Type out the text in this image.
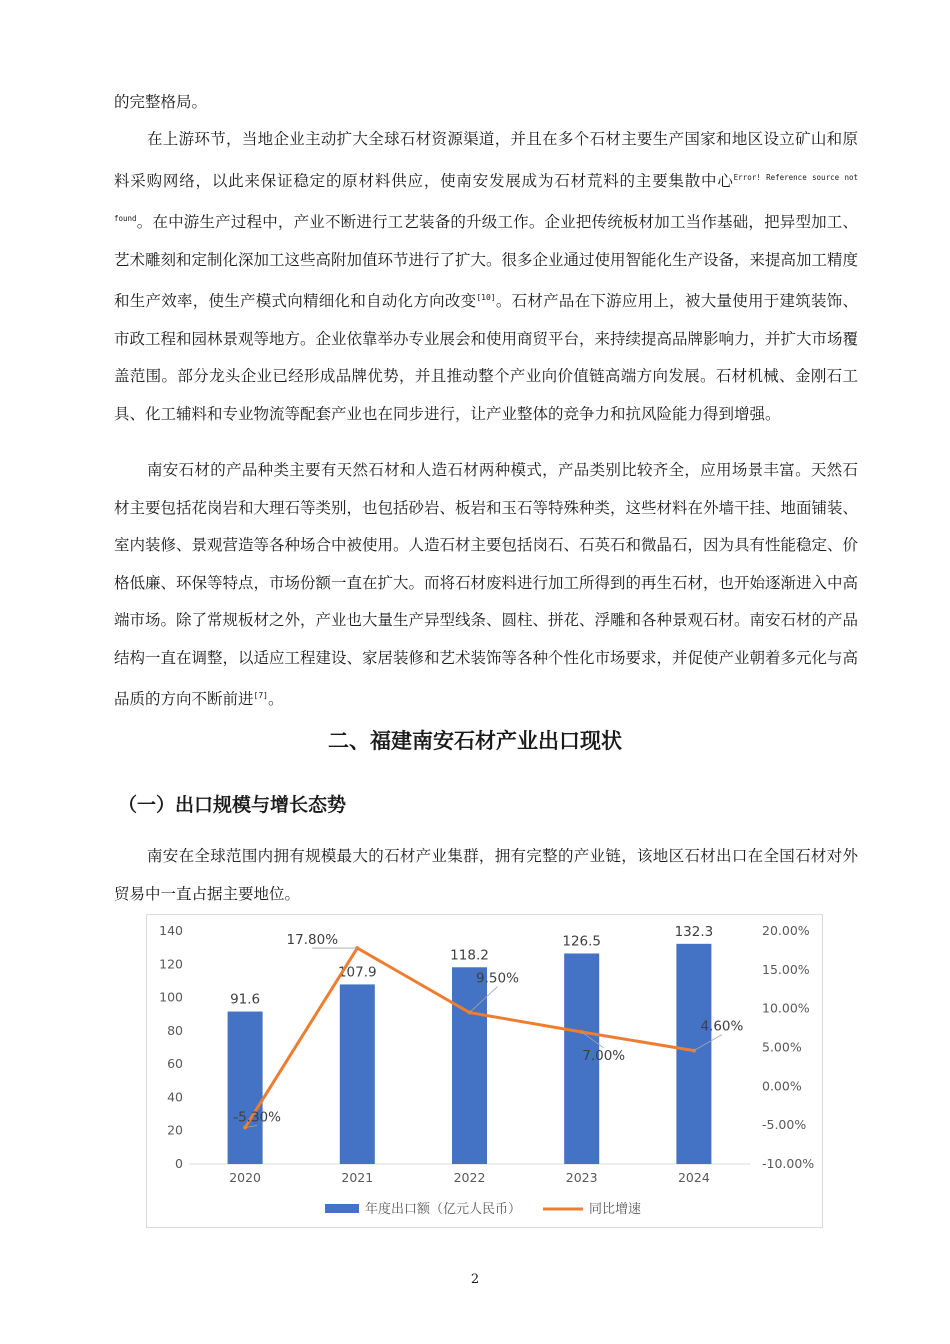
的完整格局。

在上游环节，当地企业主动扩大全球石材资源渠道，并且在多个石材主要生产国家和地区设立矿山和原料采购网络，以此来保证稳定的原材料供应，使南安发展成为石材荒料的主要集散中心$^{Error! Reference source not found}$。在中游生产过程中，产业不断进行工艺装备的升级工作。企业把传统板材加工当作基础，把异型加工、艺术雕刻和定制化深加工这些高附加值环节进行了扩大。很多企业通过使用智能化生产设备，来提高加工精度和生产效率，使生产模式向精细化和自动化方向改变[10]。石材产品在下游应用上，被大量使用于建筑装饰、市政工程和园林景观等地方。企业依靠举办专业展会和使用商贸平台，来持续提高品牌影响力，并扩大市场覆盖范围。部分龙头企业已经形成品牌优势，并且推动整个产业向价值链高端方向发展。石材机械、金刚石工具、化工辅料和专业物流等配套产业也在同步进行，让产业整体的竞争力和抗风险能力得到增强。

南安石材的产品种类主要有天然石材和人造石材两种模式，产品类别比较齐全，应用场景丰富。天然石材主要包括花岗岩和大理石等类别，也包括砂岩、板岩和玉石等特殊种类，这些材料在外墙干挂、地面铺装、室内装修、景观营造等各种场合中被使用。人造石材主要包括岗石、石英石和微晶石，因为具有性能稳定、价格低廉、环保等特点，市场份额一直在扩大。而将石材废料进行加工所得到的再生石材，也开始逐渐进入中高端市场。除了常规板材之外，产业也大量生产异型线条、圆柱、拼花、浮雕和各种景观石材。南安石材的产品结构一直在调整，以适应工程建设、家居装修和艺术装饰等各种个性化市场要求，并促使产业朝着多元化与高品质的方向不断前进[7]。

二、福建南安石材产业出口现状
（一）出口规模与增长态势

南安在全球范围内拥有规模最大的石材产业集群，拥有完整的产业链，该地区石材出口在全国石材对外贸易中一直占据主要地位。

0
20
40
60
80
100
120
140
-10.00%
-5.00%
0.00%
5.00%
10.00%
15.00%
20.00%
2020	2021	2022	2023	2024
91.6
107.9
118.2
126.5
132.3
-5.30%
17.80%
9.50%
7.00%
4.60%
年度出口额（亿元人民币）	同比增速
2
